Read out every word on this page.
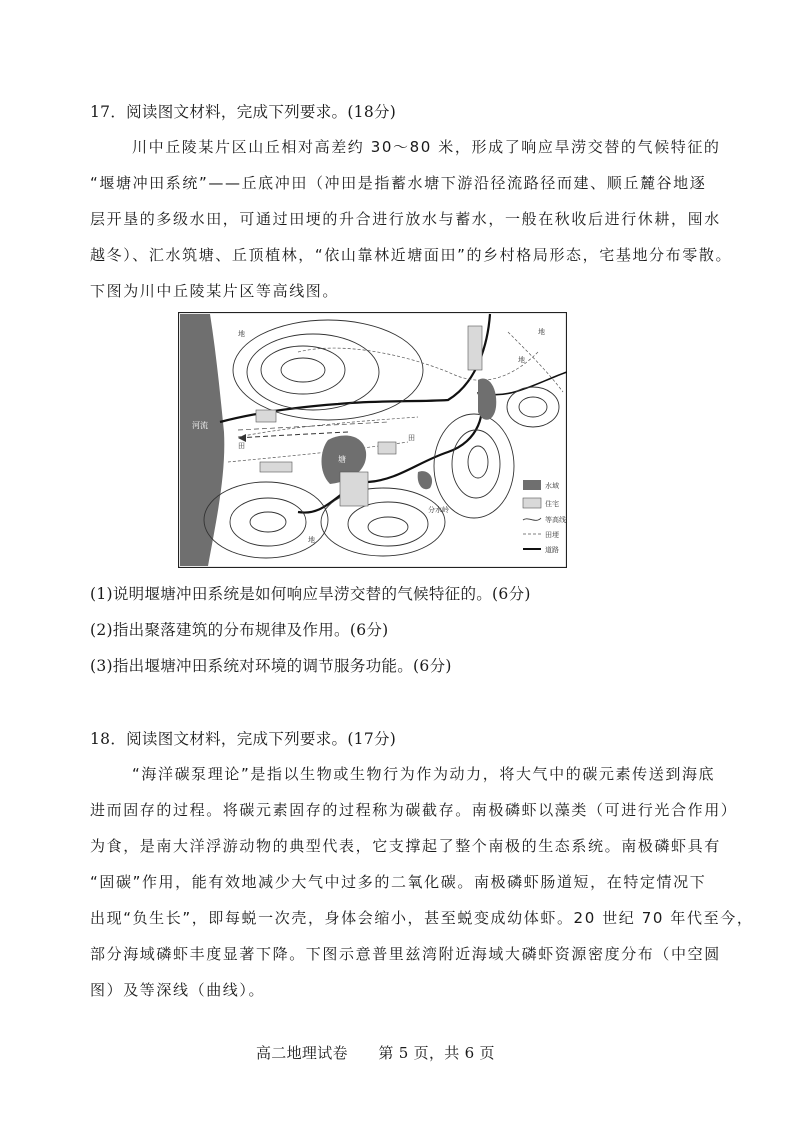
17．阅读图文材料，完成下列要求。(18分)
川中丘陵某片区山丘相对高差约 30～80 米，形成了响应旱涝交替的气候特征的
“堰塘冲田系统”——丘底冲田（冲田是指蓄水塘下游沿径流路径而建、顺丘麓谷地逐
层开垦的多级水田，可通过田埂的升合进行放水与蓄水，一般在秋收后进行休耕，囤水
越冬）、汇水筑塘、丘顶植林，“依山靠林近塘面田”的乡村格局形态，宅基地分布零散。
下图为川中丘陵某片区等高线图。
河流
塘
地	地
地
地
田
田
分水岭
水域
住宅
等高线
田埂
道路
(1)说明堰塘冲田系统是如何响应旱涝交替的气候特征的。(6分)
(2)指出聚落建筑的分布规律及作用。(6分)
(3)指出堰塘冲田系统对环境的调节服务功能。(6分)
18．阅读图文材料，完成下列要求。(17分)
“海洋碳泵理论”是指以生物或生物行为作为动力，将大气中的碳元素传送到海底
进而固存的过程。将碳元素固存的过程称为碳截存。南极磷虾以藻类（可进行光合作用）
为食，是南大洋浮游动物的典型代表，它支撑起了整个南极的生态系统。南极磷虾具有
“固碳”作用，能有效地减少大气中过多的二氧化碳。南极磷虾肠道短，在特定情况下
出现“负生长”，即每蜕一次壳，身体会缩小，甚至蜕变成幼体虾。20 世纪 70 年代至今，
部分海域磷虾丰度显著下降。下图示意普里兹湾附近海域大磷虾资源密度分布（中空圆
图）及等深线（曲线）。
高二地理试卷　　第 5 页，共 6 页
